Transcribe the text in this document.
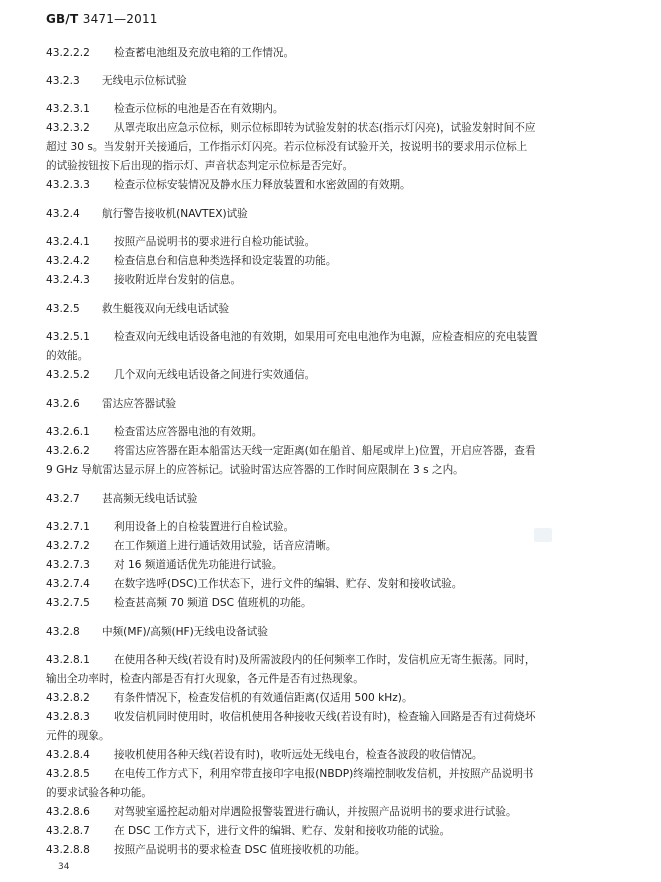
GB/T 3471—2011
43.2.2.2 检查蓄电池组及充放电箱的工作情况。
43.2.3 无线电示位标试验
43.2.3.1 检查示位标的电池是否在有效期内。
43.2.3.2 从罩壳取出应急示位标，则示位标即转为试验发射的状态(指示灯闪亮)，试验发射时间不应
超过 30 s。当发射开关接通后，工作指示灯闪亮。若示位标没有试验开关，按说明书的要求用示位标上
的试验按钮按下后出现的指示灯、声音状态判定示位标是否完好。
43.2.3.3 检查示位标安装情况及静水压力释放装置和水密敛固的有效期。
43.2.4 航行警告接收机(NAVTEX)试验
43.2.4.1 按照产品说明书的要求进行自检功能试验。
43.2.4.2 检查信息台和信息种类选择和设定装置的功能。
43.2.4.3 接收附近岸台发射的信息。
43.2.5 救生艇筏双向无线电话试验
43.2.5.1 检查双向无线电话设备电池的有效期，如果用可充电电池作为电源，应检查相应的充电装置
的效能。
43.2.5.2 几个双向无线电话设备之间进行实效通信。
43.2.6 雷达应答器试验
43.2.6.1 检查雷达应答器电池的有效期。
43.2.6.2 将雷达应答器在距本船雷达天线一定距离(如在船首、船尾或岸上)位置，开启应答器，查看
9 GHz 导航雷达显示屏上的应答标记。试验时雷达应答器的工作时间应限制在 3 s 之内。
43.2.7 甚高频无线电话试验
43.2.7.1 利用设备上的自检装置进行自检试验。
43.2.7.2 在工作频道上进行通话效用试验，话音应清晰。
43.2.7.3 对 16 频道通话优先功能进行试验。
43.2.7.4 在数字选呼(DSC)工作状态下，进行文件的编辑、贮存、发射和接收试验。
43.2.7.5 检查甚高频 70 频道 DSC 值班机的功能。
43.2.8 中频(MF)/高频(HF)无线电设备试验
43.2.8.1 在使用各种天线(若设有时)及所需波段内的任何频率工作时，发信机应无寄生振荡。同时，
输出全功率时，检查内部是否有打火现象，各元件是否有过热现象。
43.2.8.2 有条件情况下，检查发信机的有效通信距离(仅适用 500 kHz)。
43.2.8.3 收发信机同时使用时，收信机使用各种接收天线(若设有时)，检查输入回路是否有过荷烧坏
元件的现象。
43.2.8.4 接收机使用各种天线(若设有时)，收听远处无线电台，检查各波段的收信情况。
43.2.8.5 在电传工作方式下，利用窄带直接印字电报(NBDP)终端控制收发信机，并按照产品说明书
的要求试验各种功能。
43.2.8.6 对驾驶室遥控起动船对岸遇险报警装置进行确认，并按照产品说明书的要求进行试验。
43.2.8.7 在 DSC 工作方式下，进行文件的编辑、贮存、发射和接收功能的试验。
43.2.8.8 按照产品说明书的要求检查 DSC 值班接收机的功能。
34
